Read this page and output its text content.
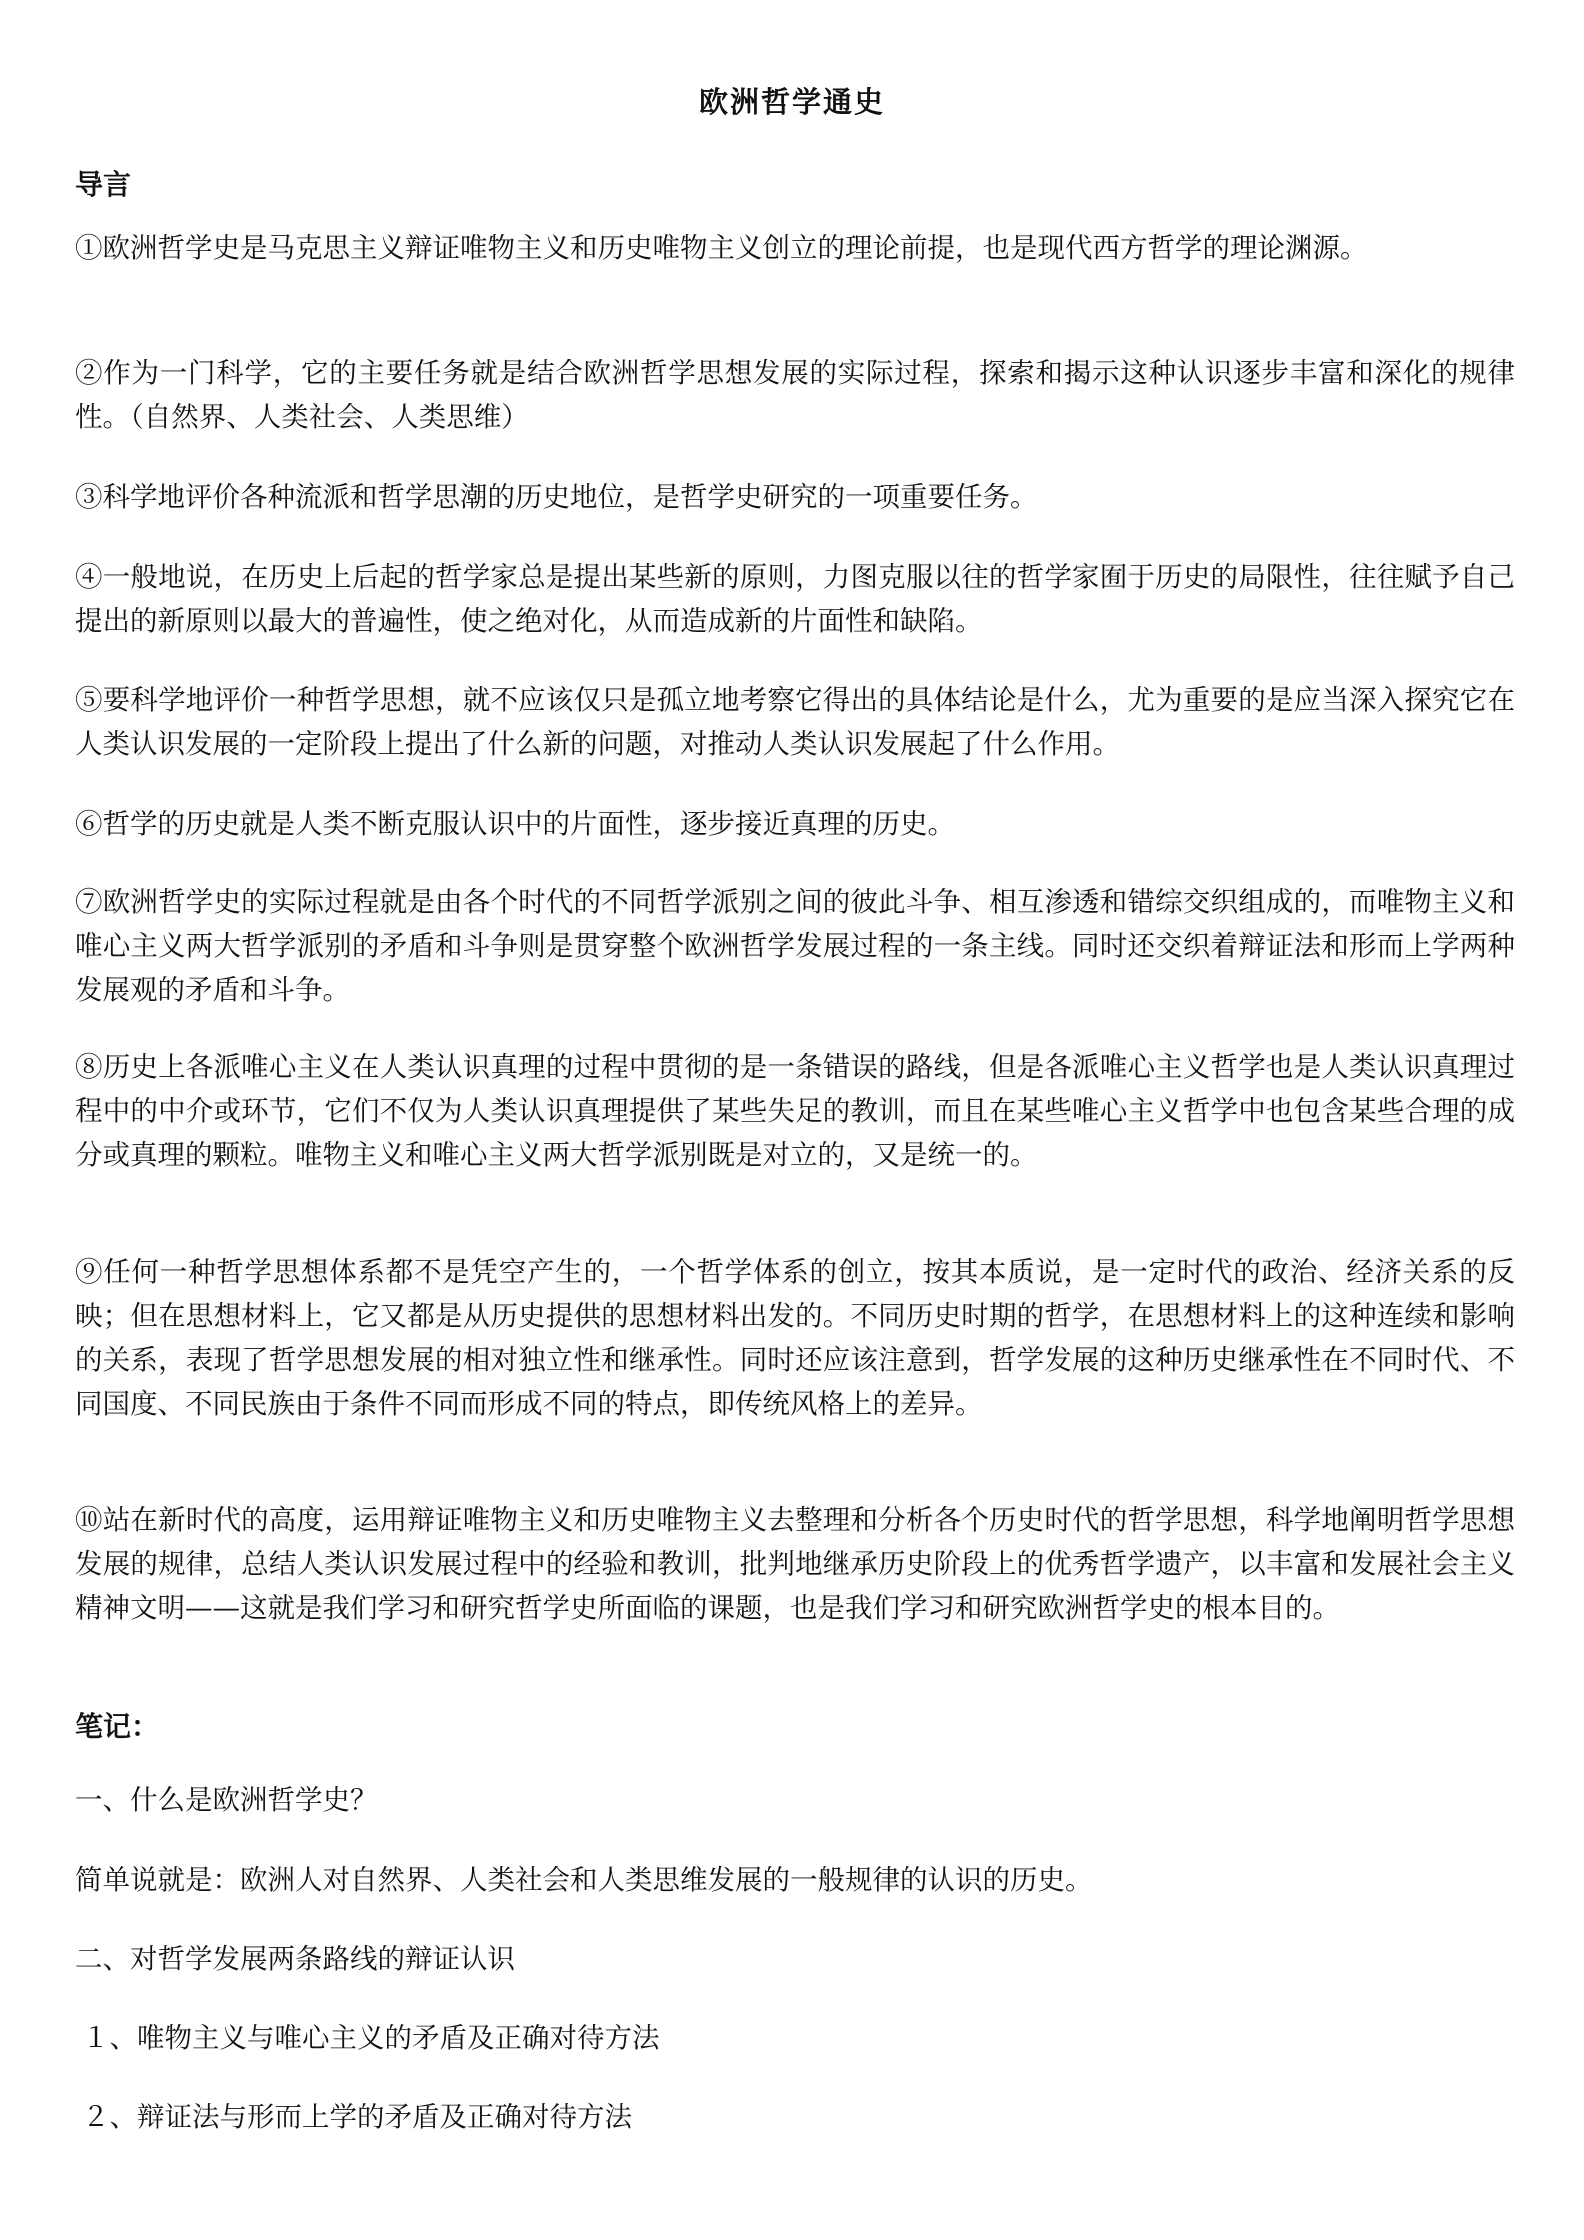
欧洲哲学通史
导言
①欧洲哲学史是马克思主义辩证唯物主义和历史唯物主义创立的理论前提，也是现代西方哲学的理论渊源。
②作为一门科学，它的主要任务就是结合欧洲哲学思想发展的实际过程，探索和揭示这种认识逐步丰富和深化的规律性。（自然界、人类社会、人类思维）
③科学地评价各种流派和哲学思潮的历史地位，是哲学史研究的一项重要任务。
④一般地说，在历史上后起的哲学家总是提出某些新的原则，力图克服以往的哲学家囿于历史的局限性，往往赋予自己提出的新原则以最大的普遍性，使之绝对化，从而造成新的片面性和缺陷。
⑤要科学地评价一种哲学思想，就不应该仅只是孤立地考察它得出的具体结论是什么，尤为重要的是应当深入探究它在人类认识发展的一定阶段上提出了什么新的问题，对推动人类认识发展起了什么作用。
⑥哲学的历史就是人类不断克服认识中的片面性，逐步接近真理的历史。
⑦欧洲哲学史的实际过程就是由各个时代的不同哲学派别之间的彼此斗争、相互渗透和错综交织组成的，而唯物主义和唯心主义两大哲学派别的矛盾和斗争则是贯穿整个欧洲哲学发展过程的一条主线。同时还交织着辩证法和形而上学两种发展观的矛盾和斗争。
⑧历史上各派唯心主义在人类认识真理的过程中贯彻的是一条错误的路线，但是各派唯心主义哲学也是人类认识真理过程中的中介或环节，它们不仅为人类认识真理提供了某些失足的教训，而且在某些唯心主义哲学中也包含某些合理的成分或真理的颗粒。唯物主义和唯心主义两大哲学派别既是对立的，又是统一的。
⑨任何一种哲学思想体系都不是凭空产生的，一个哲学体系的创立，按其本质说，是一定时代的政治、经济关系的反映；但在思想材料上，它又都是从历史提供的思想材料出发的。不同历史时期的哲学，在思想材料上的这种连续和影响的关系，表现了哲学思想发展的相对独立性和继承性。同时还应该注意到，哲学发展的这种历史继承性在不同时代、不同国度、不同民族由于条件不同而形成不同的特点，即传统风格上的差异。
⑩站在新时代的高度，运用辩证唯物主义和历史唯物主义去整理和分析各个历史时代的哲学思想，科学地阐明哲学思想发展的规律，总结人类认识发展过程中的经验和教训，批判地继承历史阶段上的优秀哲学遗产，以丰富和发展社会主义精神文明——这就是我们学习和研究哲学史所面临的课题，也是我们学习和研究欧洲哲学史的根本目的。
笔记：
一、什么是欧洲哲学史？
简单说就是：欧洲人对自然界、人类社会和人类思维发展的一般规律的认识的历史。
二、对哲学发展两条路线的辩证认识
１、唯物主义与唯心主义的矛盾及正确对待方法
２、辩证法与形而上学的矛盾及正确对待方法
